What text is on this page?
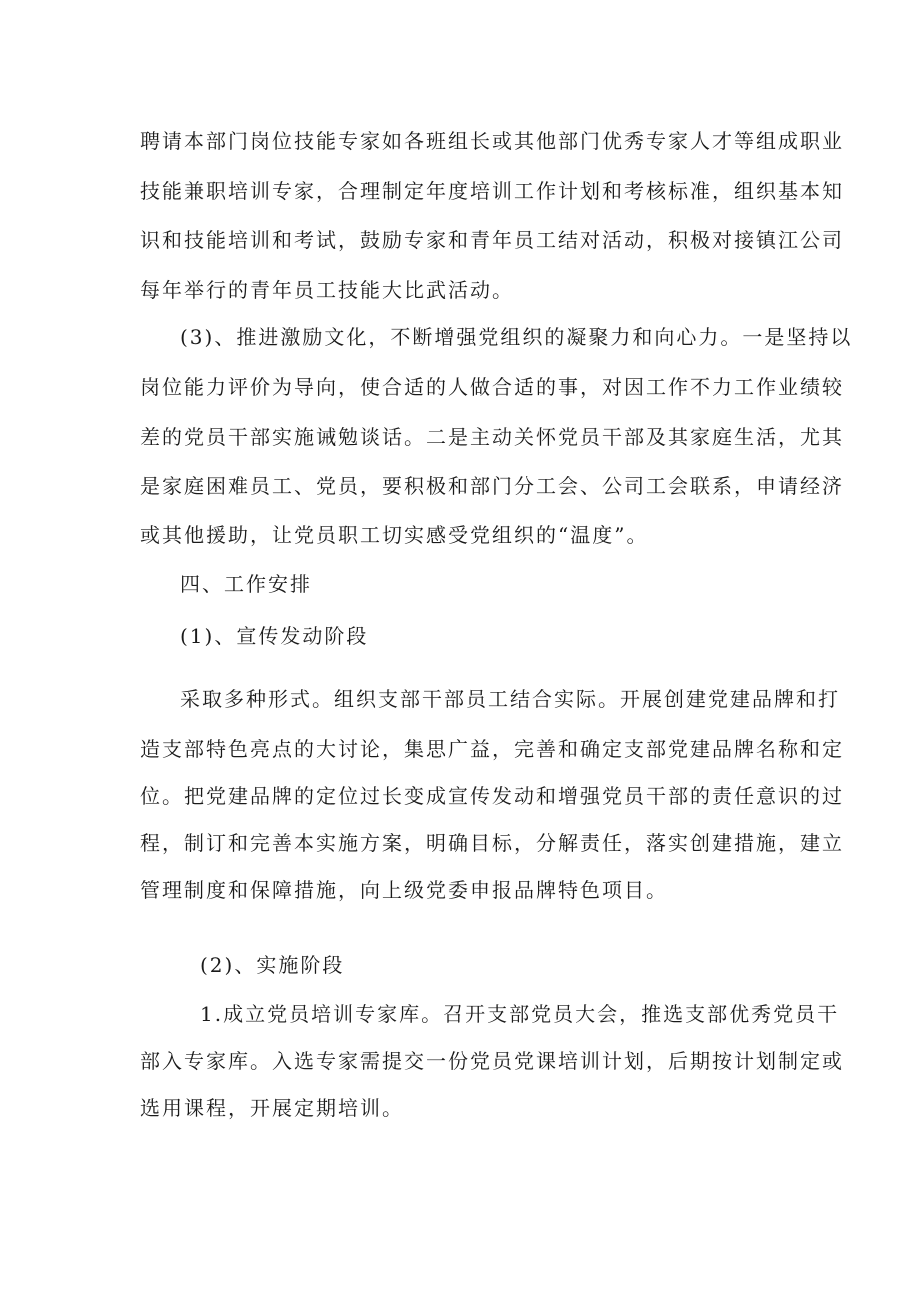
聘请本部门岗位技能专家如各班组长或其他部门优秀专家人才等组成职业
技能兼职培训专家，合理制定年度培训工作计划和考核标准，组织基本知
识和技能培训和考试，鼓励专家和青年员工结对活动，积极对接镇江公司
每年举行的青年员工技能大比武活动。
(3)、推进激励文化，不断增强党组织的凝聚力和向心力。一是坚持以
岗位能力评价为导向，使合适的人做合适的事，对因工作不力工作业绩较
差的党员干部实施诫勉谈话。二是主动关怀党员干部及其家庭生活，尤其
是家庭困难员工、党员，要积极和部门分工会、公司工会联系，申请经济
或其他援助，让党员职工切实感受党组织的“温度”。
四、工作安排
(1)、宣传发动阶段
采取多种形式。组织支部干部员工结合实际。开展创建党建品牌和打
造支部特色亮点的大讨论，集思广益，完善和确定支部党建品牌名称和定
位。把党建品牌的定位过长变成宣传发动和增强党员干部的责任意识的过
程，制订和完善本实施方案，明确目标，分解责任，落实创建措施，建立
管理制度和保障措施，向上级党委申报品牌特色项目。
(2)、实施阶段
1.成立党员培训专家库。召开支部党员大会，推选支部优秀党员干
部入专家库。入选专家需提交一份党员党课培训计划，后期按计划制定或
选用课程，开展定期培训。
